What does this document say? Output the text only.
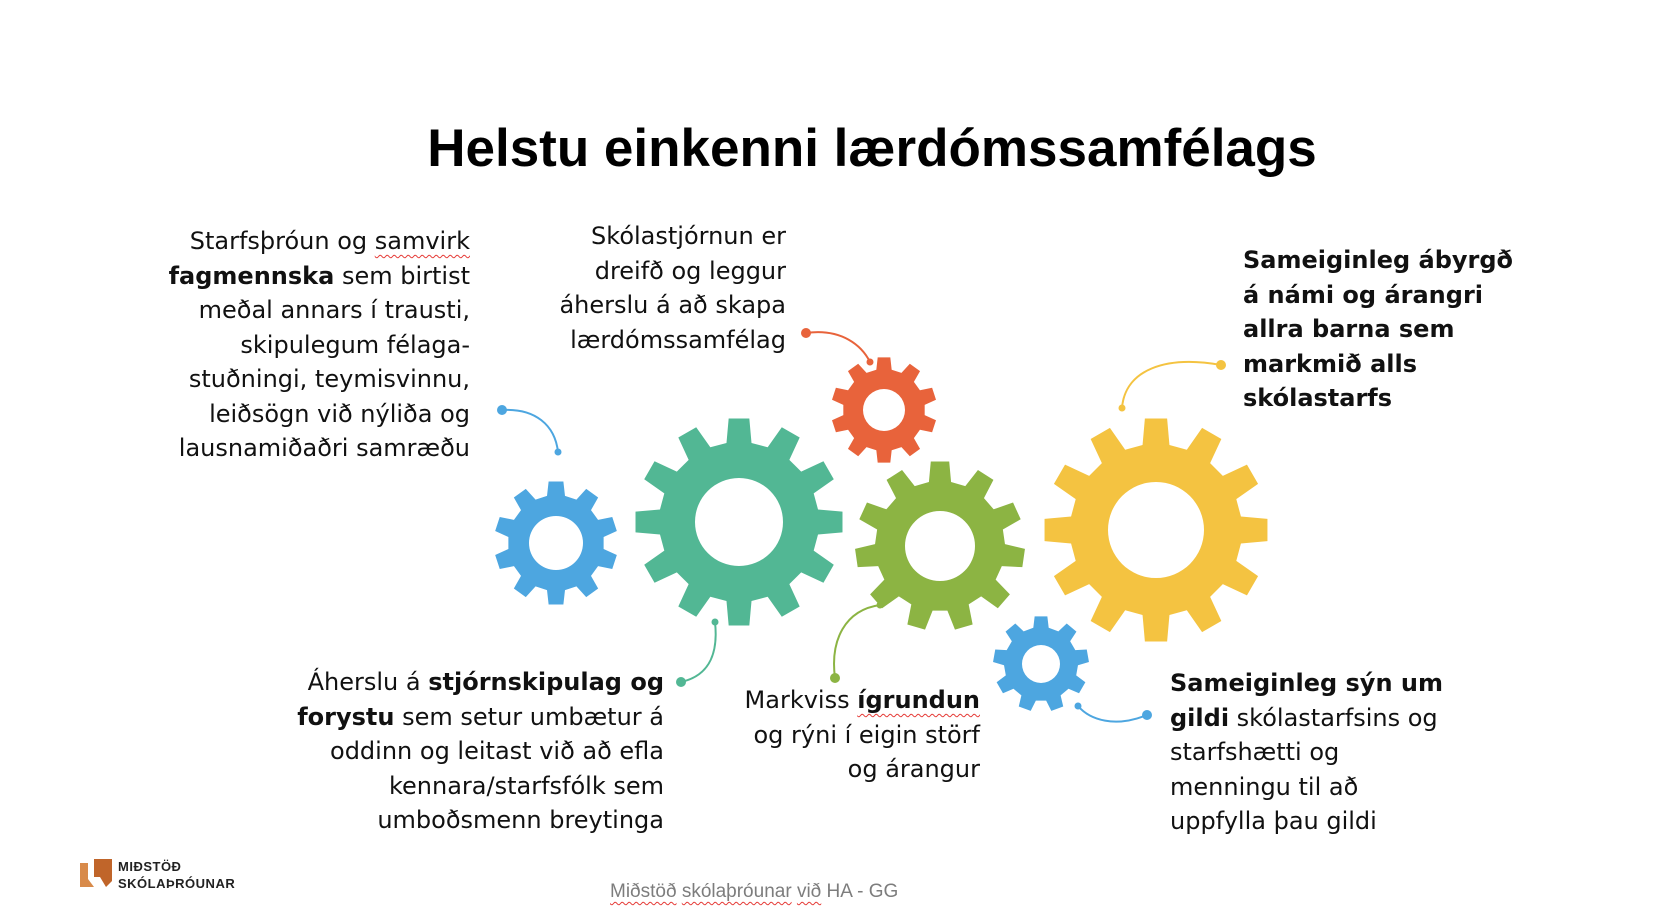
Helstu einkenni lærdómssamfélags
Starfsþróun og samvirk
fagmennska sem birtist meðal annars í trausti, skipulegum félaga-stuðningi, teymisvinnu, leiðsögn við nýliða og lausnamiðaðri samræðu
Skólastjórnun er dreifð og leggur áherslu á að skapa lærdómssamfélag
Sameiginleg ábyrgð á námi og árangri allra barna sem markmið alls skólastarfs
Áherslu á stjórnskipulag og forystu sem setur umbætur á oddinn og leitast við að efla kennara/starfsfólk sem umboðsmenn breytinga
Markviss ígrundun og rýni í eigin störf og árangur
Sameiginleg sýn um gildi skólastarfsins og starfshætti og menningu til að uppfylla þau gildi
MIÐSTÖÐ
SKÓLAÞRÓUNAR	Miðstöð skólaþróunar við HA - GG
